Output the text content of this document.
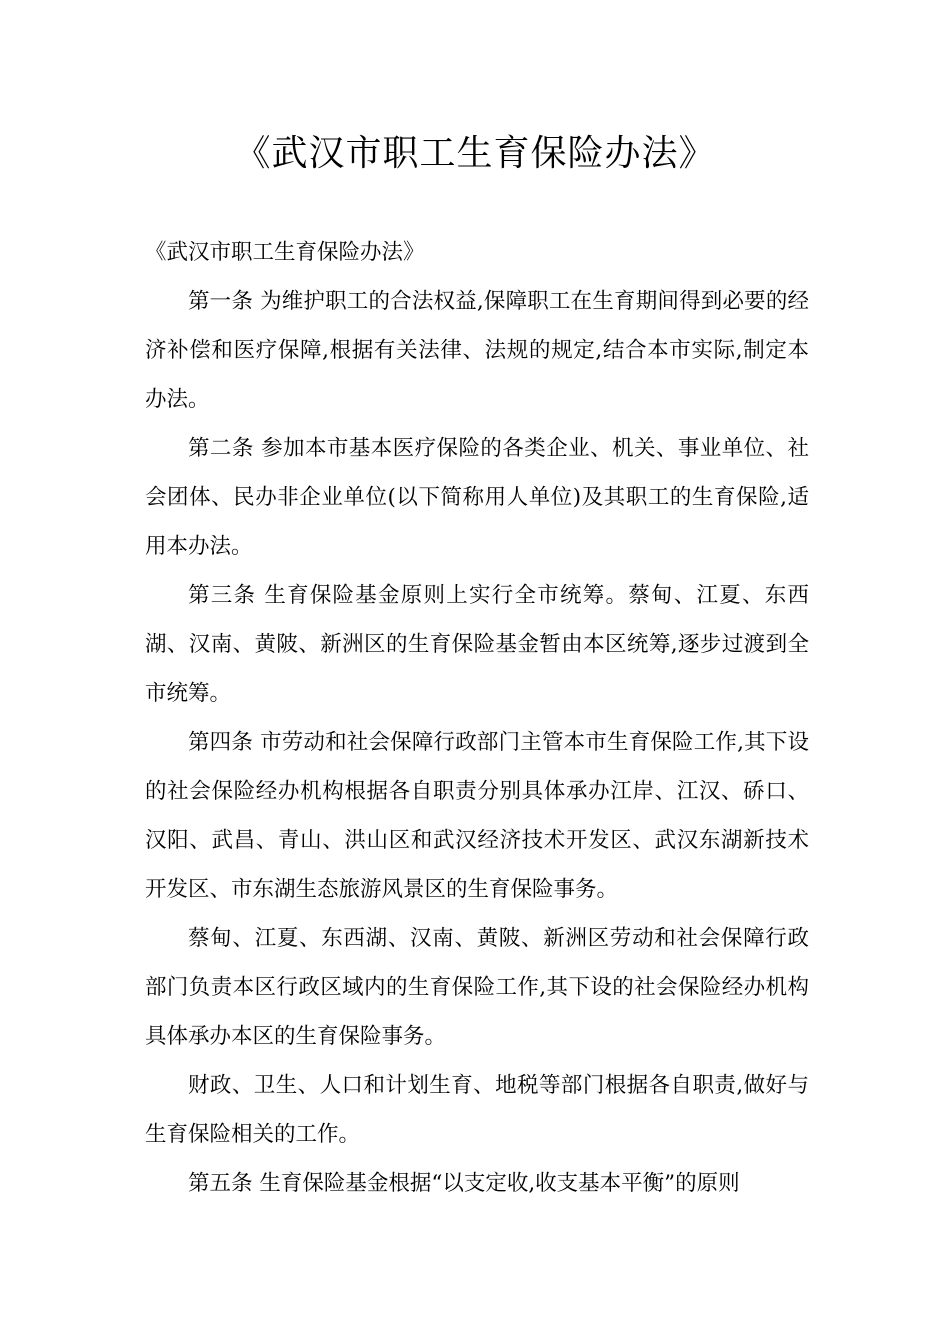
《武汉市职工生育保险办法》

《武汉市职工生育保险办法》

第一条 为维护职工的合法权益,保障职工在生育期间得到必要的经济补偿和医疗保障,根据有关法律、法规的规定,结合本市实际,制定本办法。

第二条 参加本市基本医疗保险的各类企业、机关、事业单位、社会团体、民办非企业单位(以下简称用人单位)及其职工的生育保险,适用本办法。

第三条 生育保险基金原则上实行全市统筹。蔡甸、江夏、东西湖、汉南、黄陂、新洲区的生育保险基金暂由本区统筹,逐步过渡到全市统筹。

第四条 市劳动和社会保障行政部门主管本市生育保险工作,其下设的社会保险经办机构根据各自职责分别具体承办江岸、江汉、硚口、汉阳、武昌、青山、洪山区和武汉经济技术开发区、武汉东湖新技术开发区、市东湖生态旅游风景区的生育保险事务。

蔡甸、江夏、东西湖、汉南、黄陂、新洲区劳动和社会保障行政部门负责本区行政区域内的生育保险工作,其下设的社会保险经办机构具体承办本区的生育保险事务。

财政、卫生、人口和计划生育、地税等部门根据各自职责,做好与生育保险相关的工作。

第五条 生育保险基金根据“以支定收,收支基本平衡”的原则
